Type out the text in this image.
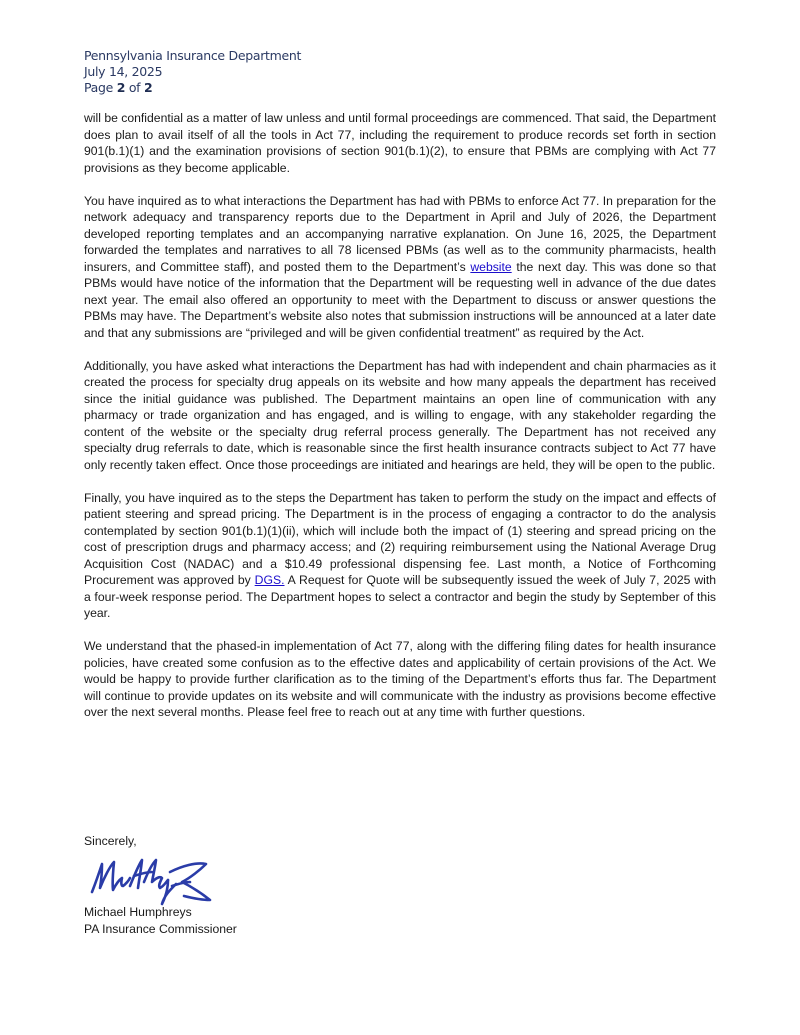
Pennsylvania Insurance Department
July 14, 2025
Page 2 of 2

will be confidential as a matter of law unless and until formal proceedings are commenced. That said, the Department does plan to avail itself of all the tools in Act 77, including the requirement to produce records set forth in section 901(b.1)(1) and the examination provisions of section 901(b.1)(2), to ensure that PBMs are complying with Act 77 provisions as they become applicable.

You have inquired as to what interactions the Department has had with PBMs to enforce Act 77. In preparation for the network adequacy and transparency reports due to the Department in April and July of 2026, the Department developed reporting templates and an accompanying narrative explanation. On June 16, 2025, the Department forwarded the templates and narratives to all 78 licensed PBMs (as well as to the community pharmacists, health insurers, and Committee staff), and posted them to the Department’s website the next day. This was done so that PBMs would have notice of the information that the Department will be requesting well in advance of the due dates next year. The email also offered an opportunity to meet with the Department to discuss or answer questions the PBMs may have. The Department’s website also notes that submission instructions will be announced at a later date and that any submissions are “privileged and will be given confidential treatment” as required by the Act.

Additionally, you have asked what interactions the Department has had with independent and chain pharmacies as it created the process for specialty drug appeals on its website and how many appeals the department has received since the initial guidance was published. The Department maintains an open line of communication with any pharmacy or trade organization and has engaged, and is willing to engage, with any stakeholder regarding the content of the website or the specialty drug referral process generally. The Department has not received any specialty drug referrals to date, which is reasonable since the first health insurance contracts subject to Act 77 have only recently taken effect. Once those proceedings are initiated and hearings are held, they will be open to the public.

Finally, you have inquired as to the steps the Department has taken to perform the study on the impact and effects of patient steering and spread pricing. The Department is in the process of engaging a contractor to do the analysis contemplated by section 901(b.1)(1)(ii), which will include both the impact of (1) steering and spread pricing on the cost of prescription drugs and pharmacy access; and (2) requiring reimbursement using the National Average Drug Acquisition Cost (NADAC) and a $10.49 professional dispensing fee. Last month, a Notice of Forthcoming Procurement was approved by DGS. A Request for Quote will be subsequently issued the week of July 7, 2025 with a four-week response period. The Department hopes to select a contractor and begin the study by September of this year.

We understand that the phased-in implementation of Act 77, along with the differing filing dates for health insurance policies, have created some confusion as to the effective dates and applicability of certain provisions of the Act. We would be happy to provide further clarification as to the timing of the Department’s efforts thus far. The Department will continue to provide updates on its website and will communicate with the industry as provisions become effective over the next several months. Please feel free to reach out at any time with further questions.

Sincerely,
Michael Humphreys
PA Insurance Commissioner
